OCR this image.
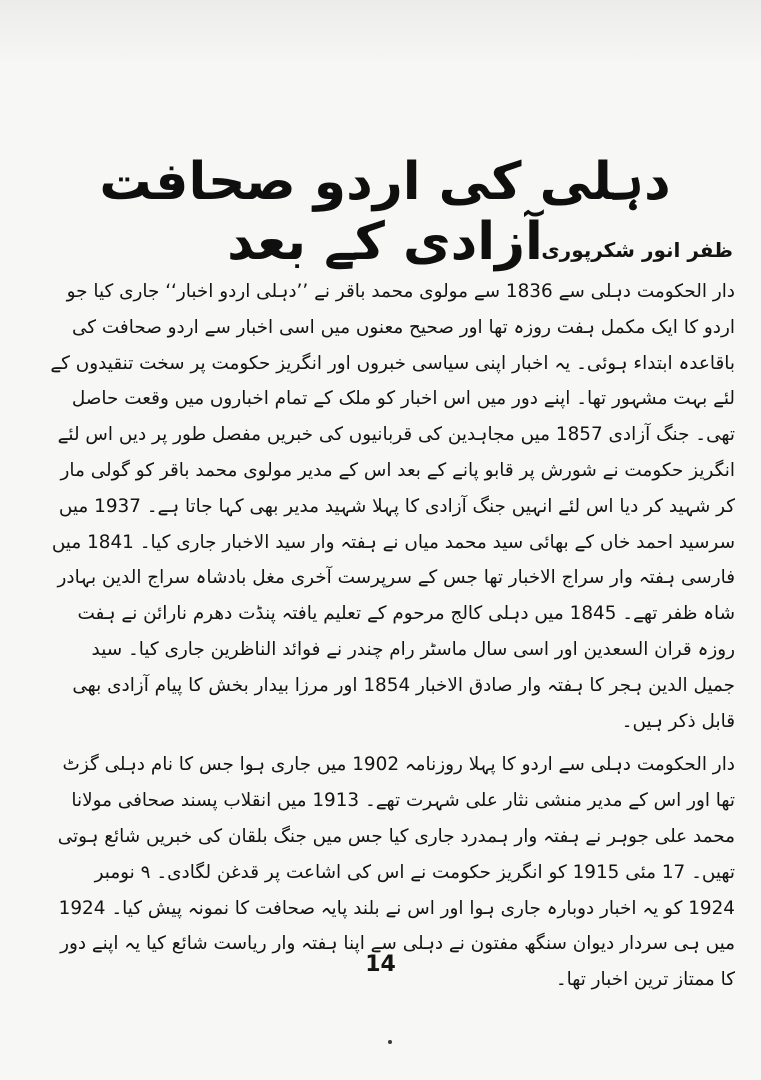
دہلی کی اردو صحافت آزادی کے بعد
ظفر انور شکرپوری

دار الحکومت دہلی سے 1836 سے مولوی محمد باقر نے ’’دہلی اردو اخبار‘‘ جاری کیا جو اردو کا ایک مکمل ہفت روزہ تھا اور صحیح معنوں میں اسی اخبار سے اردو صحافت کی باقاعدہ ابتداء ہوئی۔ یہ اخبار اپنی سیاسی خبروں اور انگریز حکومت پر سخت تنقیدوں کے لئے بہت مشہور تھا۔ اپنے دور میں اس اخبار کو ملک کے تمام اخباروں میں وقعت حاصل تھی۔ جنگ آزادی 1857 میں مجاہدین کی قربانیوں کی خبریں مفصل طور پر دیں اس لئے انگریز حکومت نے شورش پر قابو پانے کے بعد اس کے مدیر مولوی محمد باقر کو گولی مار کر شہید کر دیا اس لئے انہیں جنگ آزادی کا پہلا شہید مدیر بھی کہا جاتا ہے۔ 1937 میں سرسید احمد خاں کے بھائی سید محمد میاں نے ہفتہ وار سید الاخبار جاری کیا۔ 1841 میں فارسی ہفتہ وار سراج الاخبار تھا جس کے سرپرست آخری مغل بادشاہ سراج الدین بہادر شاہ ظفر تھے۔ 1845 میں دہلی کالج مرحوم کے تعلیم یافتہ پنڈت دھرم نارائن نے ہفت روزہ قران السعدین اور اسی سال ماسٹر رام چندر نے فوائد الناظرین جاری کیا۔ سید جمیل الدین ہجر کا ہفتہ وار صادق الاخبار 1854 اور مرزا بیدار بخش کا پیام آزادی بھی قابل ذکر ہیں۔

دار الحکومت دہلی سے اردو کا پہلا روزنامہ 1902 میں جاری ہوا جس کا نام دہلی گزٹ تھا اور اس کے مدیر منشی نثار علی شہرت تھے۔ 1913 میں انقلاب پسند صحافی مولانا محمد علی جوہر نے ہفتہ وار ہمدرد جاری کیا جس میں جنگ بلقان کی خبریں شائع ہوتی تھیں۔ 17 مئی 1915 کو انگریز حکومت نے اس کی اشاعت پر قدغن لگادی۔ ۹ نومبر 1924 کو یہ اخبار دوبارہ جاری ہوا اور اس نے بلند پایہ صحافت کا نمونہ پیش کیا۔ 1924 میں ہی سردار دیوان سنگھ مفتون نے دہلی سے اپنا ہفتہ وار ریاست شائع کیا یہ اپنے دور کا ممتاز ترین اخبار تھا۔

14
